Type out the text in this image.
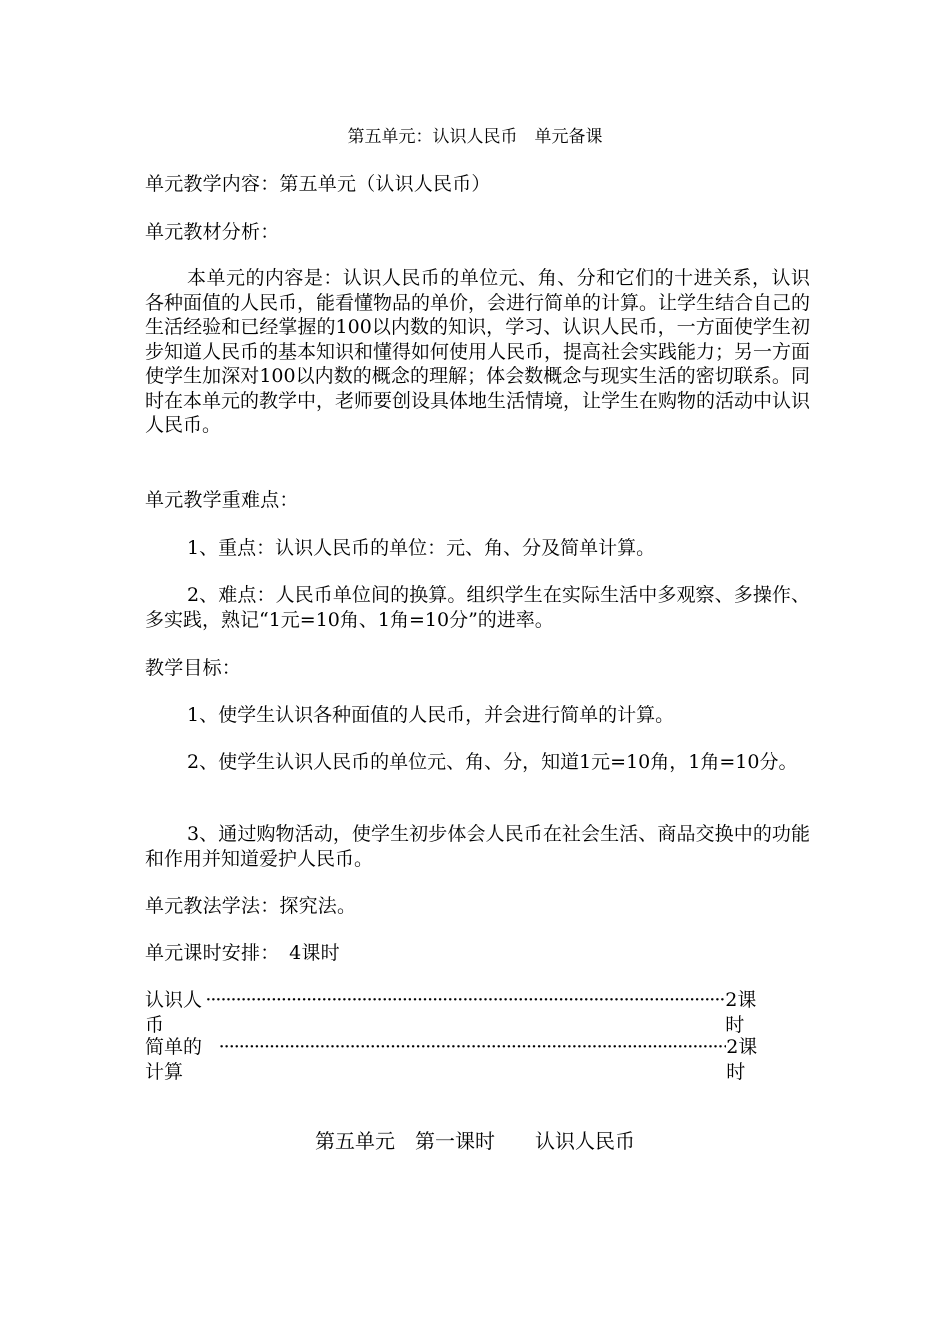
第五单元：认识人民币　单元备课
单元教学内容：第五单元（认识人民币）
单元教材分析：
本单元的内容是：认识人民币的单位元、角、分和它们的十进关系，认识各种面值的人民币，能看懂物品的单价，会进行简单的计算。让学生结合自己的生活经验和已经掌握的100以内数的知识，学习、认识人民币，一方面使学生初步知道人民币的基本知识和懂得如何使用人民币，提高社会实践能力；另一方面使学生加深对100以内数的概念的理解；体会数概念与现实生活的密切联系。同时在本单元的教学中，老师要创设具体地生活情境，让学生在购物的活动中认识人民币。
单元教学重难点：
1、重点：认识人民币的单位：元、角、分及简单计算。
2、难点：人民币单位间的换算。组织学生在实际生活中多观察、多操作、多实践，熟记“1元=10角、1角=10分”的进率。
教学目标：
1、使学生认识各种面值的人民币，并会进行简单的计算。
2、使学生认识人民币的单位元、角、分，知道1元=10角，1角=10分。
3、通过购物活动，使学生初步体会人民币在社会生活、商品交换中的功能和作用并知道爱护人民币。
单元教法学法：探究法。
单元课时安排：　4课时
认识人币
·····
2课时
简单的计算
·····
2课时
第五单元　第一课时　　认识人民币
